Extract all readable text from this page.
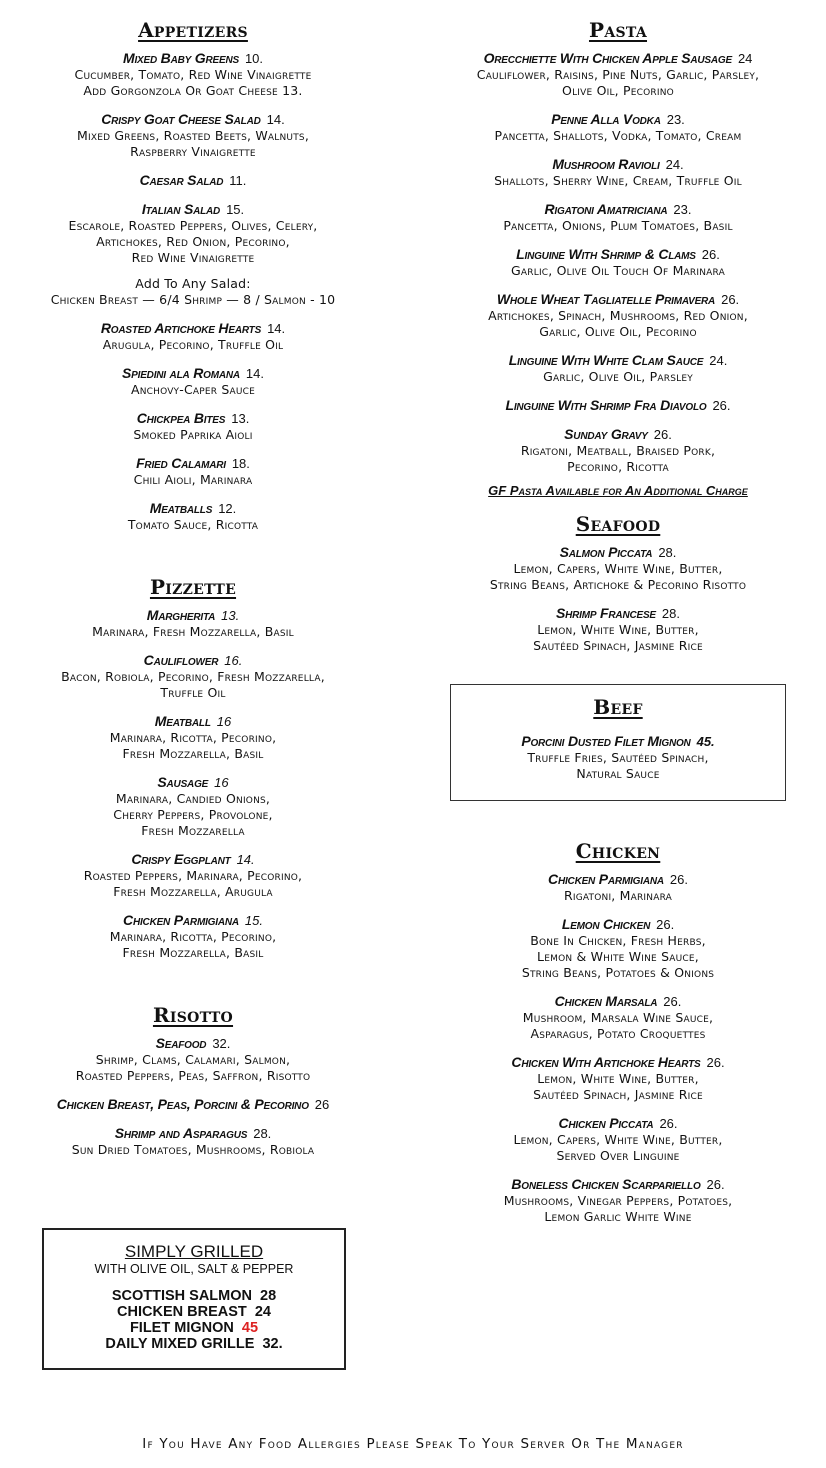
Appetizers
Mixed Baby Greens 10.
Cucumber, Tomato, Red Wine Vinaigrette
Add Gorgonzola Or Goat Cheese 13.
Crispy Goat Cheese Salad 14.
Mixed Greens, Roasted Beets, Walnuts,
Raspberry Vinaigrette
Caesar Salad 11.
Italian Salad 15.
Escarole, Roasted Peppers, Olives, Celery,
Artichokes, Red Onion, Pecorino,
Red Wine Vinaigrette
Add To Any Salad:
Chicken Breast — 6/4 Shrimp — 8 / Salmon - 10
Roasted Artichoke Hearts 14.
Arugula, Pecorino, Truffle Oil
Spiedini ala Romana 14.
Anchovy-Caper Sauce
Chickpea Bites 13.
Smoked Paprika Aioli
Fried Calamari 18.
Chili Aioli, Marinara
Meatballs 12.
Tomato Sauce, Ricotta
Pizzette
Margherita 13.
Marinara, Fresh Mozzarella, Basil
Cauliflower 16.
Bacon, Robiola, Pecorino, Fresh Mozzarella,
Truffle Oil
Meatball 16
Marinara, Ricotta, Pecorino,
Fresh Mozzarella, Basil
Sausage 16
Marinara, Candied Onions,
Cherry Peppers, Provolone,
Fresh Mozzarella
Crispy Eggplant 14.
Roasted Peppers, Marinara, Pecorino,
Fresh Mozzarella, Arugula
Chicken Parmigiana 15.
Marinara, Ricotta, Pecorino,
Fresh Mozzarella, Basil
Risotto
Seafood 32.
Shrimp, Clams, Calamari, Salmon,
Roasted Peppers, Peas, Saffron, Risotto
Chicken Breast, Peas, Porcini & Pecorino 26
Shrimp and Asparagus 28.
Sun Dried Tomatoes, Mushrooms, Robiola
SIMPLY GRILLED
WITH OLIVE OIL, SALT & PEPPER
SCOTTISH SALMON 28
CHICKEN BREAST 24
FILET MIGNON 45
DAILY MIXED GRILLE 32.
Pasta
Orecchiette With Chicken Apple Sausage 24
Cauliflower, Raisins, Pine Nuts, Garlic, Parsley,
Olive Oil, Pecorino
Penne Alla Vodka 23.
Pancetta, Shallots, Vodka, Tomato, Cream
Mushroom Ravioli 24.
Shallots, Sherry Wine, Cream, Truffle Oil
Rigatoni Amatriciana 23.
Pancetta, Onions, Plum Tomatoes, Basil
Linguine With Shrimp & Clams 26.
Garlic, Olive Oil Touch Of Marinara
Whole Wheat Tagliatelle Primavera 26.
Artichokes, Spinach, Mushrooms, Red Onion,
Garlic, Olive Oil, Pecorino
Linguine With White Clam Sauce 24.
Garlic, Olive Oil, Parsley
Linguine With Shrimp Fra Diavolo 26.
Sunday Gravy 26.
Rigatoni, Meatball, Braised Pork,
Pecorino, Ricotta
GF Pasta Available for An Additional Charge
Seafood
Salmon Piccata 28.
Lemon, Capers, White Wine, Butter,
String Beans, Artichoke & Pecorino Risotto
Shrimp Francese 28.
Lemon, White Wine, Butter,
Sautéed Spinach, Jasmine Rice
Beef
Porcini Dusted Filet Mignon 45.
Truffle Fries, Sautéed Spinach,
Natural Sauce
Chicken
Chicken Parmigiana 26.
Rigatoni, Marinara
Lemon Chicken 26.
Bone In Chicken, Fresh Herbs,
Lemon & White Wine Sauce,
String Beans, Potatoes & Onions
Chicken Marsala 26.
Mushroom, Marsala Wine Sauce,
Asparagus, Potato Croquettes
Chicken With Artichoke Hearts 26.
Lemon, White Wine, Butter,
Sautéed Spinach, Jasmine Rice
Chicken Piccata 26.
Lemon, Capers, White Wine, Butter,
Served Over Linguine
Boneless Chicken Scarpariello 26.
Mushrooms, Vinegar Peppers, Potatoes,
Lemon Garlic White Wine
If You Have Any Food Allergies Please Speak To Your Server Or The Manager
